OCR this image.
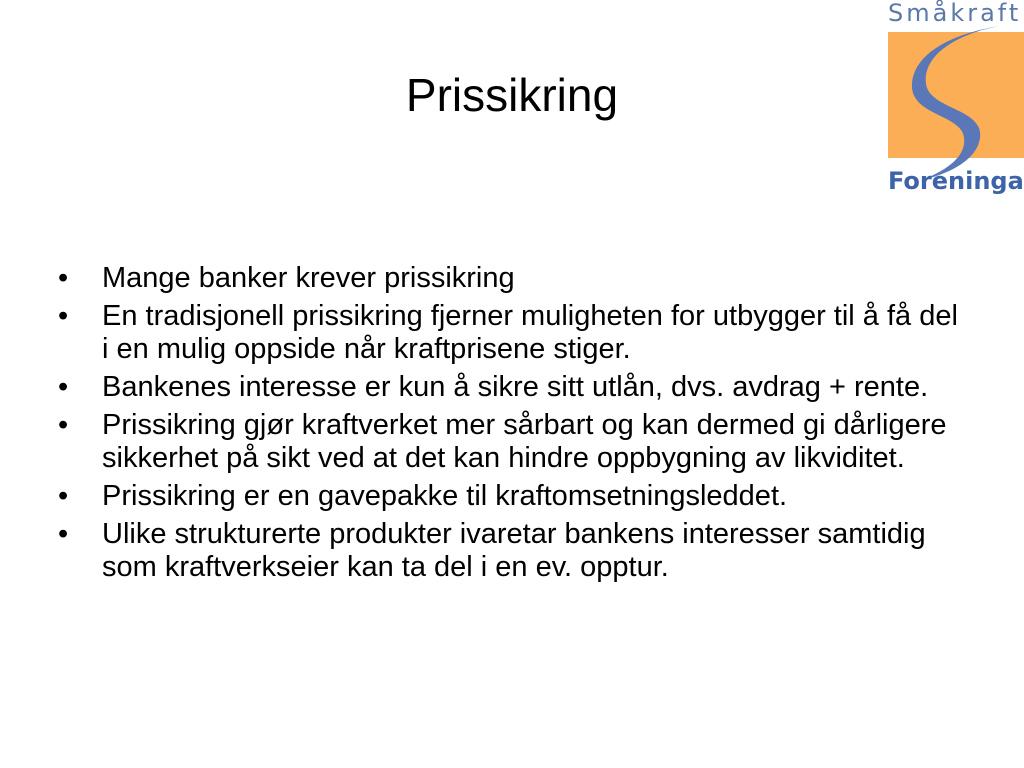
Prissikring
Småkraft
Foreninga
•	Mange banker krever prissikring
•	En tradisjonell prissikring fjerner muligheten for utbygger til å få del i en mulig oppside når kraftprisene stiger.
•	Bankenes interesse er kun å sikre sitt utlån, dvs. avdrag + rente.
•	Prissikring gjør kraftverket mer sårbart og kan dermed gi dårligere sikkerhet på sikt ved at det kan hindre oppbygning av likviditet.
•	Prissikring er en gavepakke til kraftomsetningsleddet.
•	Ulike strukturerte produkter ivaretar bankens interesser samtidig som kraftverkseier kan ta del i en ev. opptur.
